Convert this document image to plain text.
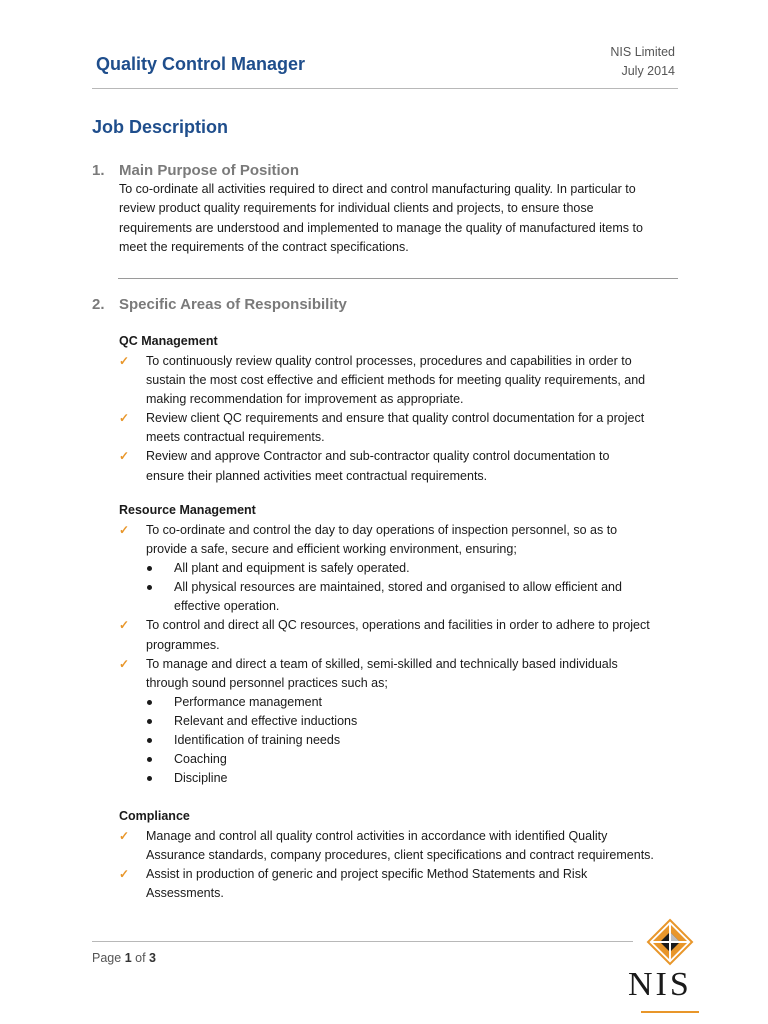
Quality Control Manager
NIS Limited
July 2014
Job Description
1. Main Purpose of Position
To co-ordinate all activities required to direct and control manufacturing quality. In particular to
review product quality requirements for individual clients and projects, to ensure those
requirements are understood and implemented to manage the quality of manufactured items to
meet the requirements of the contract specifications.
2. Specific Areas of Responsibility
QC Management
✓ To continuously review quality control processes, procedures and capabilities in order to
sustain the most cost effective and efficient methods for meeting quality requirements, and
making recommendation for improvement as appropriate.
✓ Review client QC requirements and ensure that quality control documentation for a project
meets contractual requirements.
✓ Review and approve Contractor and sub-contractor quality control documentation to
ensure their planned activities meet contractual requirements.
Resource Management
✓ To co-ordinate and control the day to day operations of inspection personnel, so as to
provide a safe, secure and efficient working environment, ensuring;
All plant and equipment is safely operated.
All physical resources are maintained, stored and organised to allow efficient and
effective operation.
✓ To control and direct all QC resources, operations and facilities in order to adhere to project
programmes.
✓ To manage and direct a team of skilled, semi-skilled and technically based individuals
through sound personnel practices such as;
Performance management
Relevant and effective inductions
Identification of training needs
Coaching
Discipline
Compliance
✓ Manage and control all quality control activities in accordance with identified Quality
Assurance standards, company procedures, client specifications and contract requirements.
✓ Assist in production of generic and project specific Method Statements and Risk
Assessments.
Page 1 of 3
NIS
